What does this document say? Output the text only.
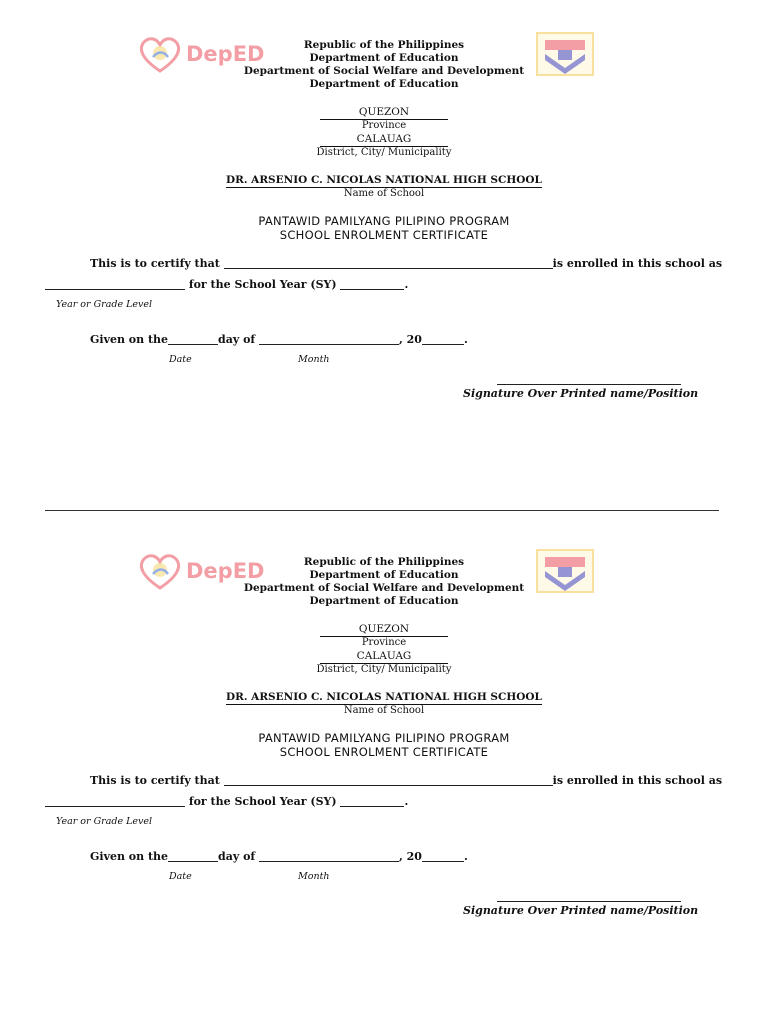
DepED	Republic of the Philippines
Department of Education
Department of Social Welfare and Development
Department of Education
QUEZON
Province
CALAUAG
District, City/ Municipality
DR. ARSENIO C. NICOLAS NATIONAL HIGH SCHOOL
Name of School
PANTAWID PAMILYANG PILIPINO PROGRAM
SCHOOL ENROLMENT CERTIFICATE
This is to certify that	is enrolled in this school as
for the School Year (SY)	.
Year or Grade Level
Given on the	day of	, 20	.
Date	Month
Signature Over Printed name/Position
DepED	Republic of the Philippines
Department of Education
Department of Social Welfare and Development
Department of Education
QUEZON
Province
CALAUAG
District, City/ Municipality
DR. ARSENIO C. NICOLAS NATIONAL HIGH SCHOOL
Name of School
PANTAWID PAMILYANG PILIPINO PROGRAM
SCHOOL ENROLMENT CERTIFICATE
This is to certify that	is enrolled in this school as
for the School Year (SY)	.
Year or Grade Level
Given on the	day of	, 20	.
Date	Month
Signature Over Printed name/Position
